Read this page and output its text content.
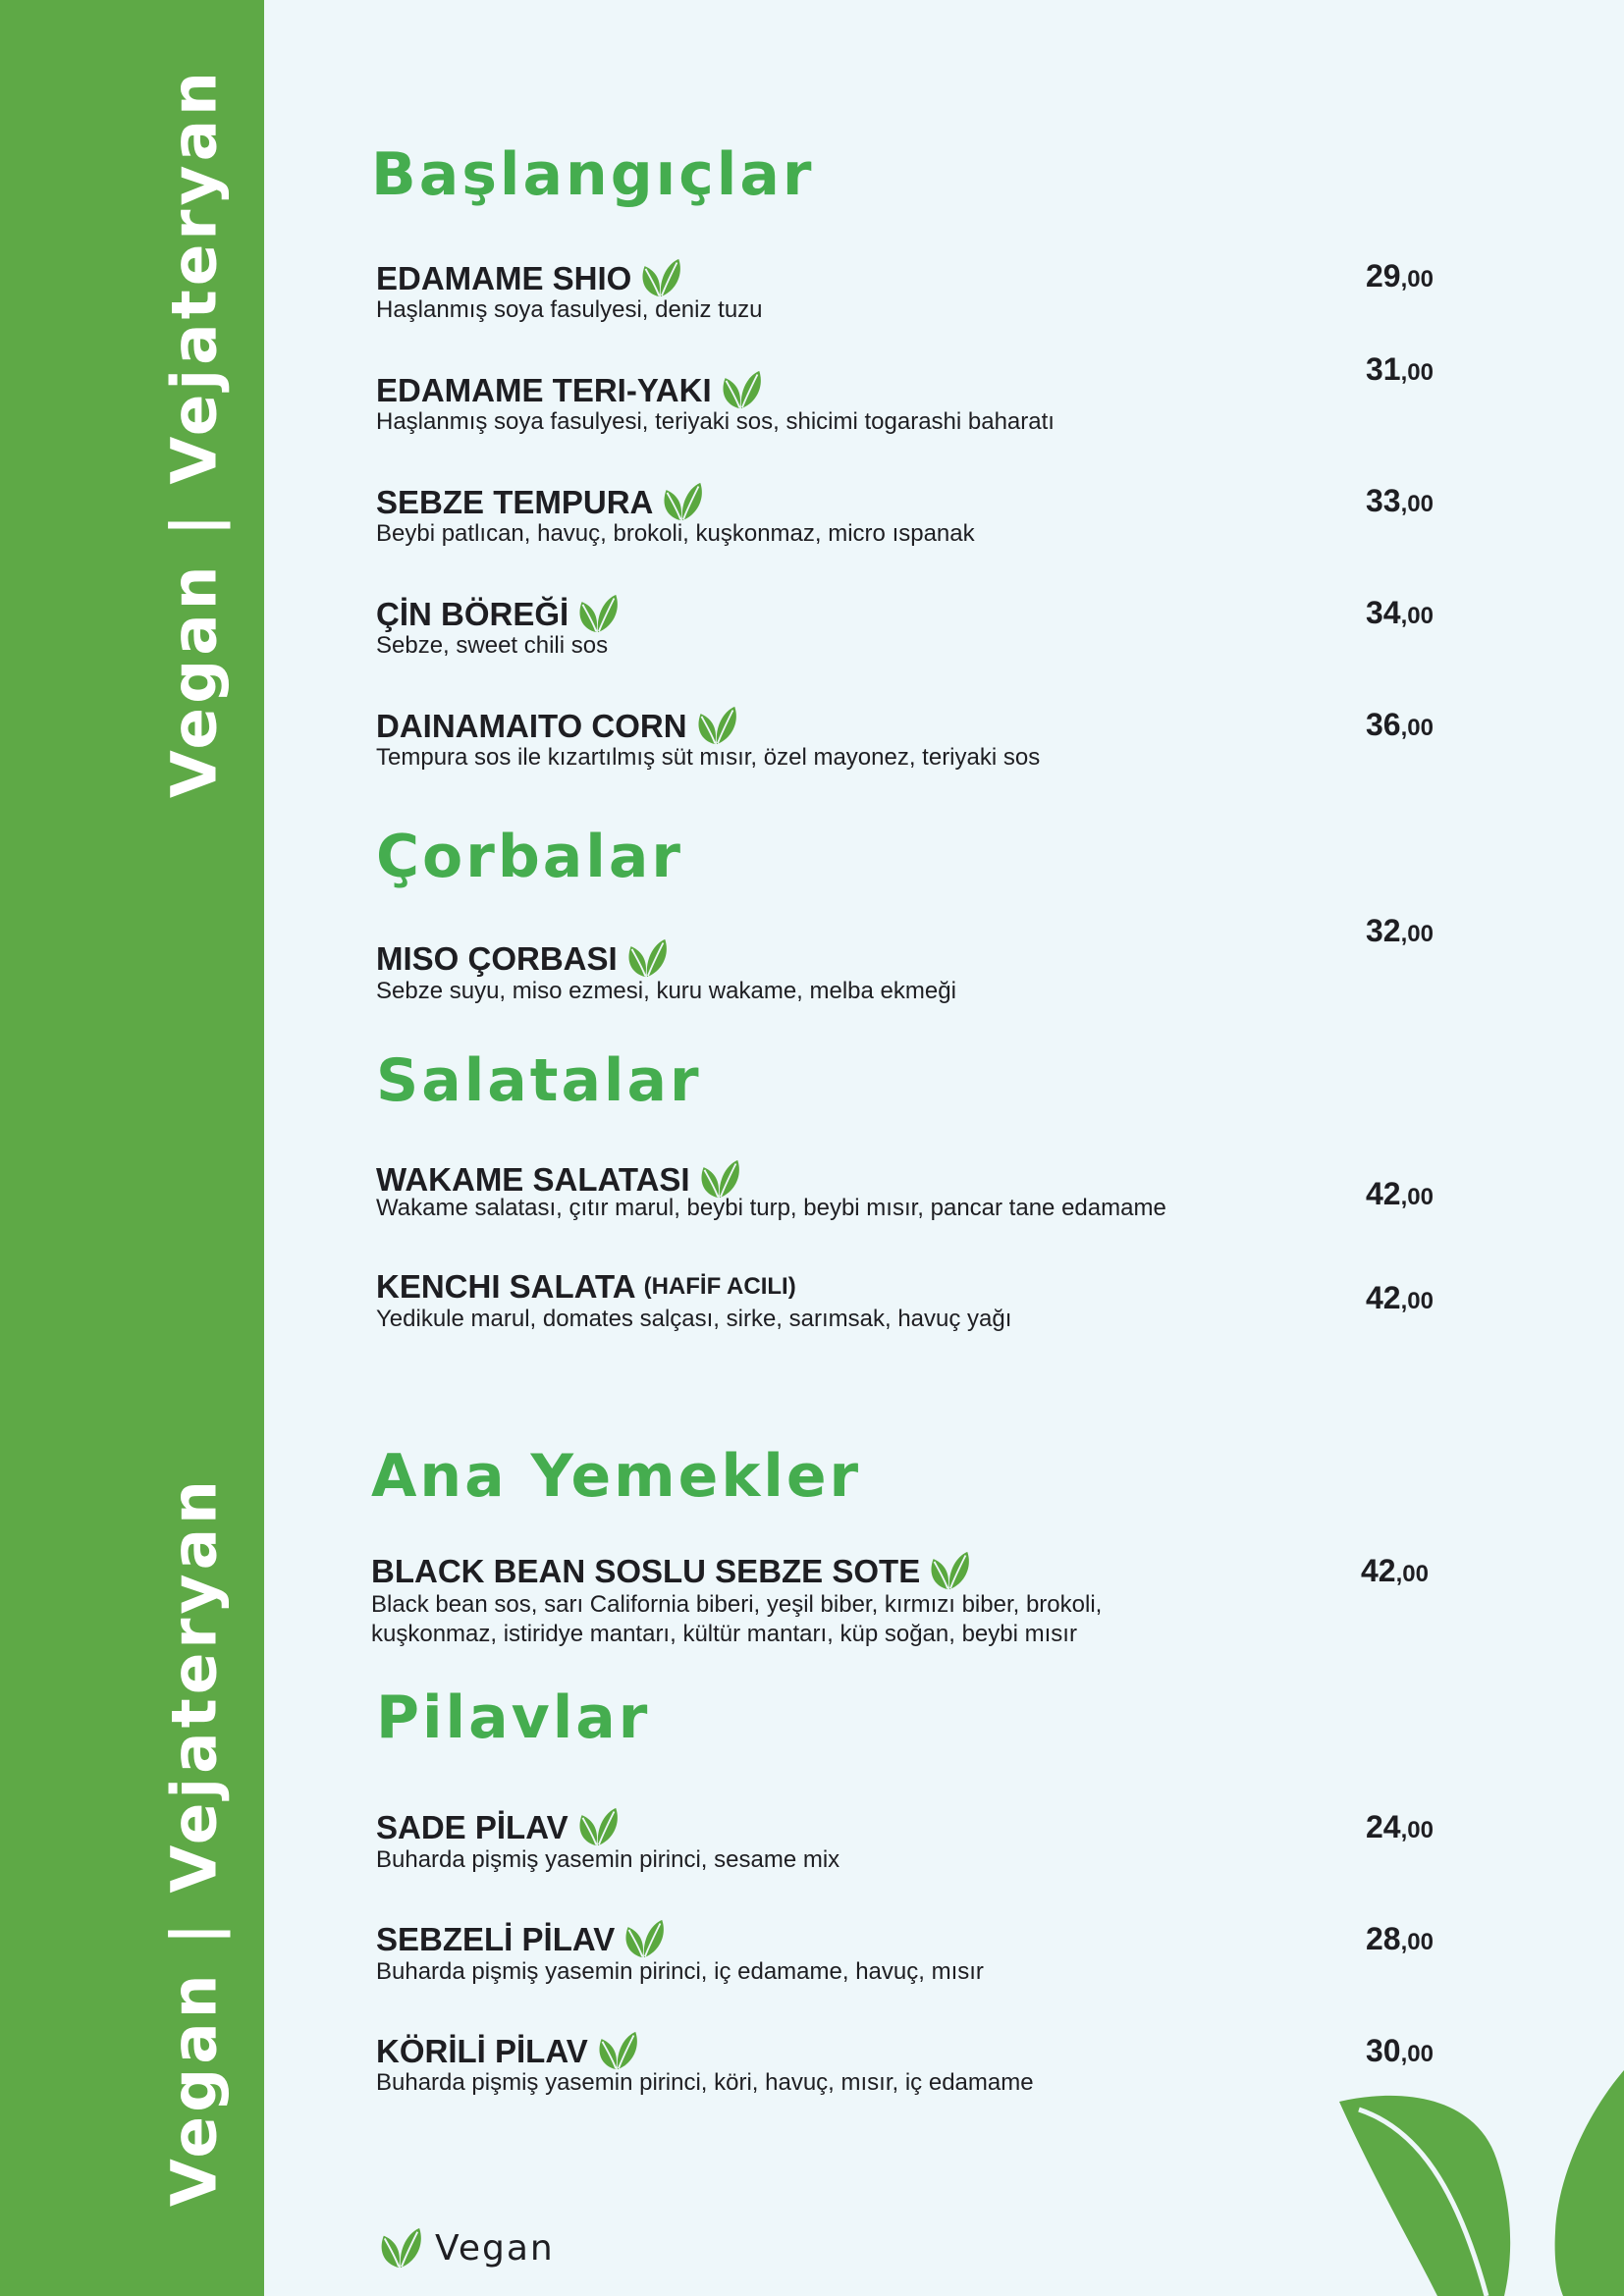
Vegan | Vejateryan
Vegan | Vejateryan
Başlangıçlar
EDAMAME SHIO
Haşlanmış soya fasulyesi, deniz tuzu
29,00
EDAMAME TERI-YAKI
Haşlanmış soya fasulyesi, teriyaki sos, shicimi togarashi baharatı
31,00
SEBZE TEMPURA
Beybi patlıcan, havuç, brokoli, kuşkonmaz, micro ıspanak
33,00
ÇİN BÖREĞİ
Sebze, sweet chili sos
34,00
DAINAMAITO CORN
Tempura sos ile kızartılmış süt mısır, özel mayonez, teriyaki sos
36,00
Çorbalar
MISO ÇORBASI
Sebze suyu, miso ezmesi, kuru wakame, melba ekmeği
32,00
Salatalar
WAKAME SALATASI
Wakame salatası, çıtır marul, beybi turp, beybi mısır, pancar tane edamame	42,00
KENCHI SALATA (HAFİF ACILI)
Yedikule marul, domates salçası, sirke, sarımsak, havuç yağı
42,00
Ana Yemekler
BLACK BEAN SOSLU SEBZE SOTE
Black bean sos, sarı California biberi, yeşil biber, kırmızı biber, brokoli,
kuşkonmaz, istiridye mantarı, kültür mantarı, küp soğan, beybi mısır
42,00
Pilavlar
SADE PİLAV
Buharda pişmiş yasemin pirinci, sesame mix
24,00
SEBZELİ PİLAV
Buharda pişmiş yasemin pirinci, iç edamame, havuç, mısır
28,00
KÖRİLİ PİLAV
Buharda pişmiş yasemin pirinci, köri, havuç, mısır, iç edamame
30,00
Vegan
